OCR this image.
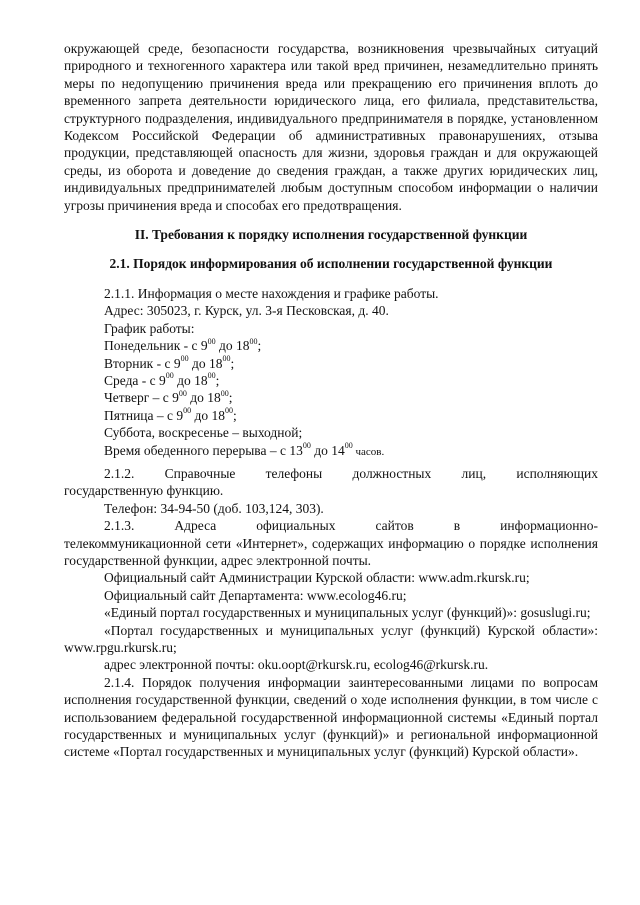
окружающей среде, безопасности государства, возникновения чрезвычайных ситуаций природного и техногенного характера или такой вред причинен, незамедлительно принять меры по недопущению причинения вреда или прекращению его причинения вплоть до временного запрета деятельности юридического лица, его филиала, представительства, структурного подразделения, индивидуального предпринимателя в порядке, установленном Кодексом Российской Федерации об административных правонарушениях, отзыва продукции, представляющей опасность для жизни, здоровья граждан и для окружающей среды, из оборота и доведение до сведения граждан, а также других юридических лиц, индивидуальных предпринимателей любым доступным способом информации о наличии угрозы причинения вреда и способах его предотвращения.

II. Требования к порядку исполнения государственной функции

2.1. Порядок информирования об исполнении государственной функции

2.1.1. Информация о месте нахождения и графике работы.

Адрес: 305023, г. Курск, ул. 3-я Песковская, д. 40.

График работы:

Понедельник - с $9^{00}$ до $18^{00}$;

Вторник - с $9^{00}$ до $18^{00}$;

Среда - с $9^{00}$ до $18^{00}$;

Четверг – с $9^{00}$ до $18^{00}$;

Пятница – с $9^{00}$ до $18^{00}$;

Суббота, воскресенье – выходной;

Время обеденного перерыва – с $13^{00}$ до $14^{00}$ часов.

2.1.2. Справочные телефоны должностных лиц, исполняющих

государственную функцию.

Телефон: 34-94-50 (доб. 103,124, 303).

2.1.3. Адреса официальных сайтов в информационно-

телекоммуникационной сети «Интернет», содержащих информацию о порядке исполнения государственной функции, адрес электронной почты.

Официальный сайт Администрации Курской области: www.adm.rkursk.ru;

Официальный сайт Департамента: www.ecolog46.ru;

«Единый портал государственных и муниципальных услуг (функций)»: gosuslugi.ru;

«Портал государственных и муниципальных услуг (функций) Курской области»: www.rpgu.rkursk.ru;

адрес электронной почты: oku.oopt@rkursk.ru, ecolog46@rkursk.ru.

2.1.4. Порядок получения информации заинтересованными лицами по вопросам исполнения государственной функции, сведений о ходе исполнения функции, в том числе с использованием федеральной государственной информационной системы «Единый портал государственных и муниципальных услуг (функций)» и региональной информационной системе «Портал государственных и муниципальных услуг (функций) Курской области».
